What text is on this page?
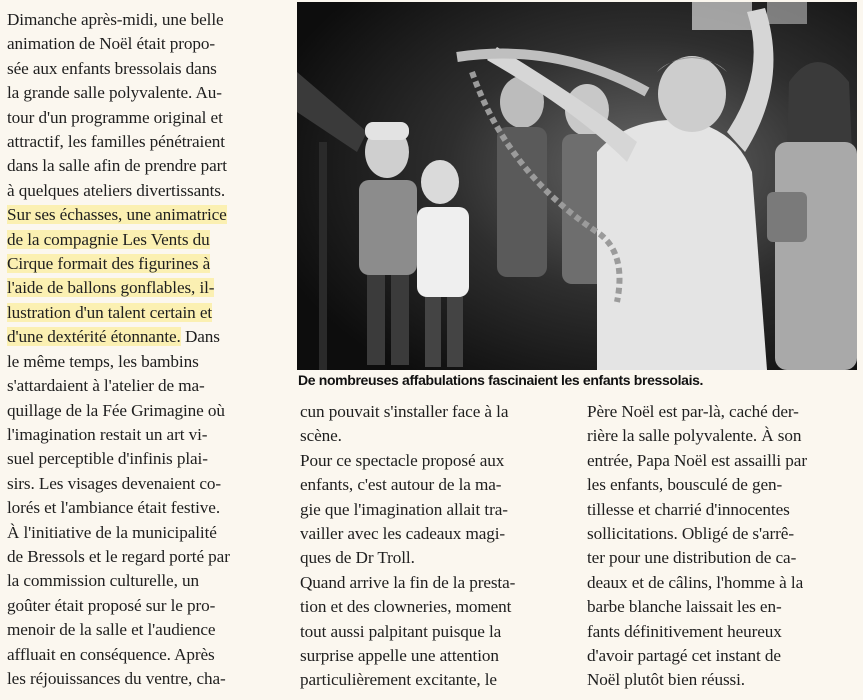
Dimanche après-midi, une belle
animation de Noël était propo-
sée aux enfants bressolais dans
la grande salle polyvalente. Au-
tour d'un programme original et
attractif, les familles pénétraient
dans la salle afin de prendre part
à quelques ateliers divertissants.
Sur ses échasses, une animatrice
de la compagnie Les Vents du
Cirque formait des figurines à
l'aide de ballons gonflables, il-
lustration d'un talent certain et
d'une dextérité étonnante. Dans
le même temps, les bambins
s'attardaient à l'atelier de ma-
quillage de la Fée Grimagine où
l'imagination restait un art vi-
suel perceptible d'infinis plai-
sirs. Les visages devenaient co-
lorés et l'ambiance était festive.
À l'initiative de la municipalité
de Bressols et le regard porté par
la commission culturelle, un
goûter était proposé sur le pro-
menoir de la salle et l'audience
affluait en conséquence. Après
les réjouissances du ventre, cha-
De nombreuses affabulations fascinaient les enfants bressolais.
cun pouvait s'installer face à la
scène.
Pour ce spectacle proposé aux
enfants, c'est autour de la ma-
gie que l'imagination allait tra-
vailler avec les cadeaux magi-
ques de Dr Troll.
Quand arrive la fin de la presta-
tion et des clowneries, moment
tout aussi palpitant puisque la
surprise appelle une attention
particulièrement excitante, le
Père Noël est par-là, caché der-
rière la salle polyvalente. À son
entrée, Papa Noël est assailli par
les enfants, bousculé de gen-
tillesse et charrié d'innocentes
sollicitations. Obligé de s'arrê-
ter pour une distribution de ca-
deaux et de câlins, l'homme à la
barbe blanche laissait les en-
fants définitivement heureux
d'avoir partagé cet instant de
Noël plutôt bien réussi.
